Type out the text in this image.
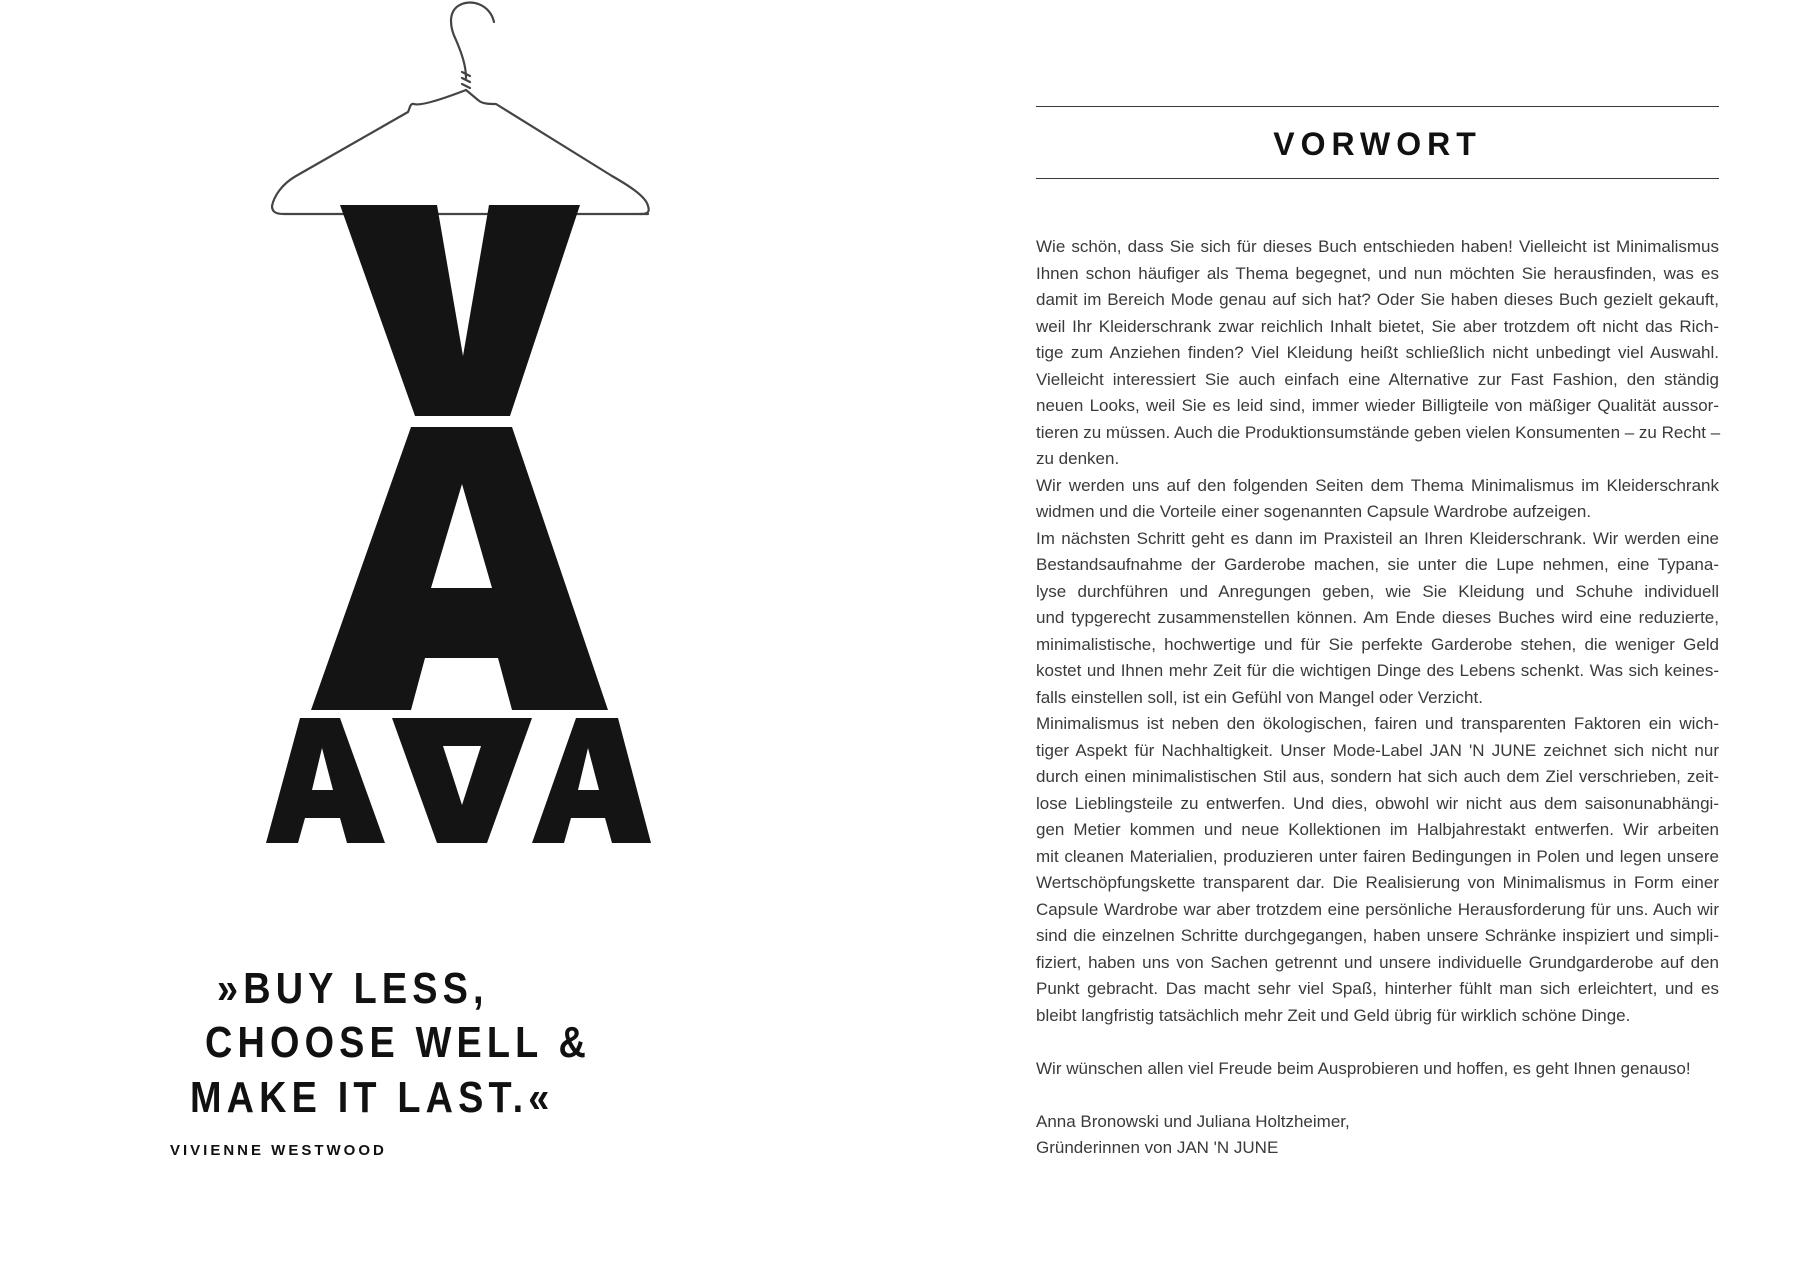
»BUY LESS,
CHOOSE WELL &
MAKE IT LAST.«
VIVIENNE WESTWOOD
VORWORT
Wie schön, dass Sie sich für dieses Buch entschieden haben! Vielleicht ist Minimalismus
Ihnen schon häufiger als Thema begegnet, und nun möchten Sie herausfinden, was es
damit im Bereich Mode genau auf sich hat? Oder Sie haben dieses Buch gezielt gekauft,
weil Ihr Kleiderschrank zwar reichlich Inhalt bietet, Sie aber trotzdem oft nicht das Rich-
tige zum Anziehen finden? Viel Kleidung heißt schließlich nicht unbedingt viel Auswahl.
Vielleicht interessiert Sie auch einfach eine Alternative zur Fast Fashion, den ständig
neuen Looks, weil Sie es leid sind, immer wieder Billigteile von mäßiger Qualität aussor-
tieren zu müssen. Auch die Produktionsumstände geben vielen Konsumenten – zu Recht –
zu denken.
Wir werden uns auf den folgenden Seiten dem Thema Minimalismus im Kleiderschrank
widmen und die Vorteile einer sogenannten Capsule Wardrobe aufzeigen.
Im nächsten Schritt geht es dann im Praxisteil an Ihren Kleiderschrank. Wir werden eine
Bestandsaufnahme der Garderobe machen, sie unter die Lupe nehmen, eine Typana-
lyse durchführen und Anregungen geben, wie Sie Kleidung und Schuhe individuell
und typgerecht zusammenstellen können. Am Ende dieses Buches wird eine reduzierte,
minimalistische, hochwertige und für Sie perfekte Garderobe stehen, die weniger Geld
kostet und Ihnen mehr Zeit für die wichtigen Dinge des Lebens schenkt. Was sich keines-
falls einstellen soll, ist ein Gefühl von Mangel oder Verzicht.
Minimalismus ist neben den ökologischen, fairen und transparenten Faktoren ein wich-
tiger Aspekt für Nachhaltigkeit. Unser Mode-Label JAN 'N JUNE zeichnet sich nicht nur
durch einen minimalistischen Stil aus, sondern hat sich auch dem Ziel verschrieben, zeit-
lose Lieblingsteile zu entwerfen. Und dies, obwohl wir nicht aus dem saisonunabhängi-
gen Metier kommen und neue Kollektionen im Halbjahrestakt entwerfen. Wir arbeiten
mit cleanen Materialien, produzieren unter fairen Bedingungen in Polen und legen unsere
Wertschöpfungskette transparent dar. Die Realisierung von Minimalismus in Form einer
Capsule Wardrobe war aber trotzdem eine persönliche Herausforderung für uns. Auch wir
sind die einzelnen Schritte durchgegangen, haben unsere Schränke inspiziert und simpli-
fiziert, haben uns von Sachen getrennt und unsere individuelle Grundgarderobe auf den
Punkt gebracht. Das macht sehr viel Spaß, hinterher fühlt man sich erleichtert, und es
bleibt langfristig tatsächlich mehr Zeit und Geld übrig für wirklich schöne Dinge.
Wir wünschen allen viel Freude beim Ausprobieren und hoffen, es geht Ihnen genauso!
Anna Bronowski und Juliana Holtzheimer,
Gründerinnen von JAN 'N JUNE
